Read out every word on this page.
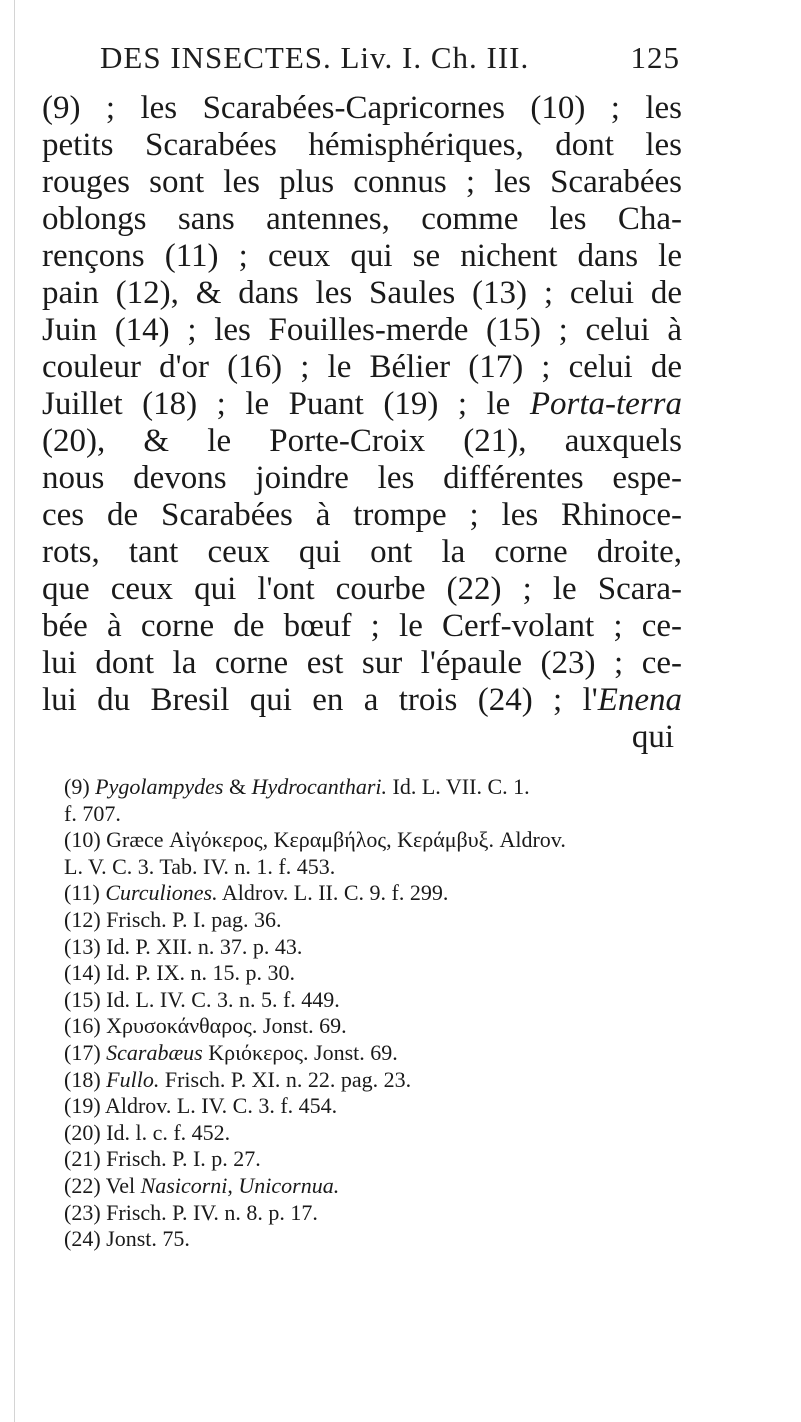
DES INSECTES. Liv. I. Ch. III.	125
(9) ; les Scarabées-Capricornes (10) ; les
petits Scarabées hémisphériques, dont les
rouges sont les plus connus ; les Scarabées
oblongs sans antennes, comme les Cha-
rençons (11) ; ceux qui se nichent dans le
pain (12), & dans les Saules (13) ; celui de
Juin (14) ; les Fouilles-merde (15) ; celui à
couleur d'or (16) ; le Bélier (17) ; celui de
Juillet (18) ; le Puant (19) ; le Porta-terra
(20), & le Porte-Croix (21), auxquels
nous devons joindre les différentes espe-
ces de Scarabées à trompe ; les Rhinoce-
rots, tant ceux qui ont la corne droite,
que ceux qui l'ont courbe (22) ; le Scara-
bée à corne de bœuf ; le Cerf-volant ; ce-
lui dont la corne est sur l'épaule (23) ; ce-
lui du Bresil qui en a trois (24) ; l'Enena
qui
(9) Pygolampydes & Hydrocanthari. Id. L. VII. C. 1.
f. 707.
(10) Græce Αἰγόκερος, Κεραμβήλος, Κεράμβυξ. Aldrov.
L. V. C. 3. Tab. IV. n. 1. f. 453.
(11) Curculiones. Aldrov. L. II. C. 9. f. 299.
(12) Frisch. P. I. pag. 36.
(13) Id. P. XII. n. 37. p. 43.
(14) Id. P. IX. n. 15. p. 30.
(15) Id. L. IV. C. 3. n. 5. f. 449.
(16) Χρυσοκάνθαρος. Jonst. 69.
(17) Scarabæus Κριόκερος. Jonst. 69.
(18) Fullo. Frisch. P. XI. n. 22. pag. 23.
(19) Aldrov. L. IV. C. 3. f. 454.
(20) Id. l. c. f. 452.
(21) Frisch. P. I. p. 27.
(22) Vel Nasicorni, Unicornua.
(23) Frisch. P. IV. n. 8. p. 17.
(24) Jonst. 75.
